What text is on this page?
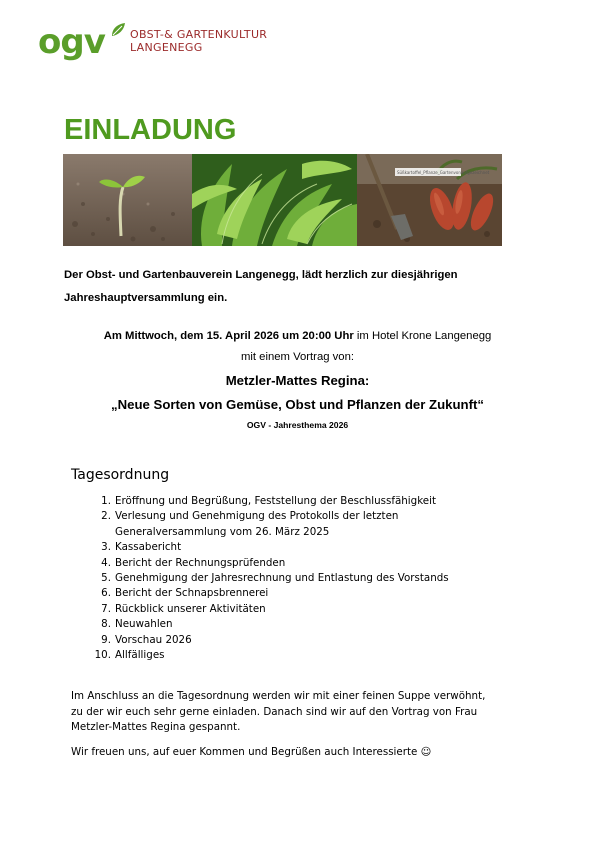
ogv OBST-& GARTENKULTUR
LANGENEGG
EINLADUNG
Süßkartoffel_Pflanze_Gartenvonaufgezeichnet
Der Obst- und Gartenbauverein Langenegg, lädt herzlich zur diesjährigen
Jahreshauptversammlung ein.
Am Mittwoch, dem 15. April 2026 um 20:00 Uhr im Hotel Krone Langenegg
mit einem Vortrag von:
Metzler-Mattes Regina:
„Neue Sorten von Gemüse, Obst und Pflanzen der Zukunft“
OGV - Jahresthema 2026
Tagesordnung
1. Eröffnung und Begrüßung, Feststellung der Beschlussfähigkeit
2. Verlesung und Genehmigung des Protokolls der letzten
Generalversammlung vom 26. März 2025
3. Kassabericht
4. Bericht der Rechnungsprüfenden
5. Genehmigung der Jahresrechnung und Entlastung des Vorstands
6. Bericht der Schnapsbrennerei
7. Rückblick unserer Aktivitäten
8. Neuwahlen
9. Vorschau 2026
10. Allfälliges
Im Anschluss an die Tagesordnung werden wir mit einer feinen Suppe verwöhnt,
zu der wir euch sehr gerne einladen. Danach sind wir auf den Vortrag von Frau
Metzler-Mattes Regina gespannt.
Wir freuen uns, auf euer Kommen und Begrüßen auch Interessierte ☺
